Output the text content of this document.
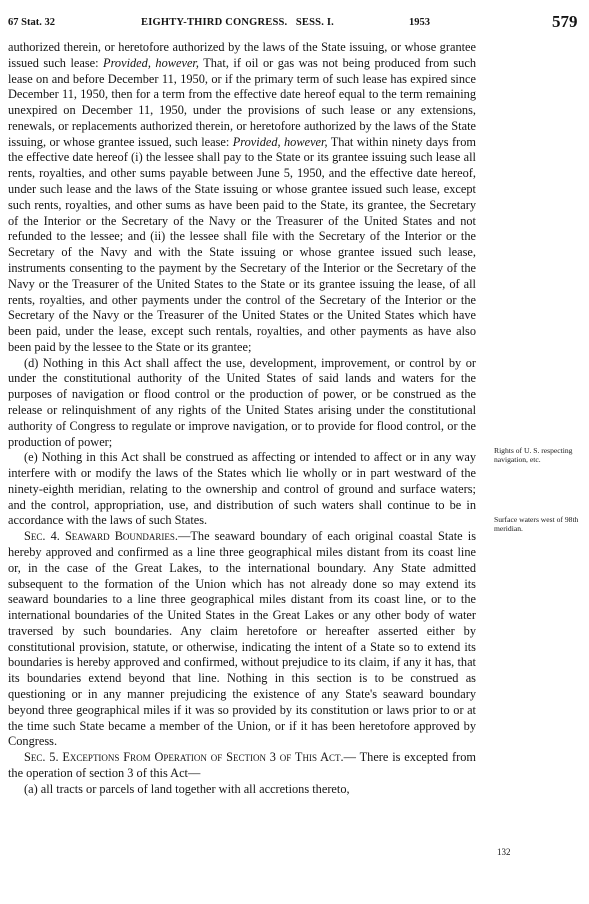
67 Stat. 32	EIGHTY-THIRD CONGRESS. SESS. I.	1953	579

authorized therein, or heretofore authorized by the laws of the State issuing, or whose grantee issued such lease: Provided, however, That, if oil or gas was not being produced from such lease on and before December 11, 1950, or if the primary term of such lease has expired since December 11, 1950, then for a term from the effective date hereof equal to the term remaining unexpired on December 11, 1950, under the provisions of such lease or any extensions, renewals, or replacements authorized therein, or heretofore authorized by the laws of the State issuing, or whose grantee issued, such lease: Provided, however, That within ninety days from the effective date hereof (i) the lessee shall pay to the State or its grantee issuing such lease all rents, royalties, and other sums payable between June 5, 1950, and the effective date hereof, under such lease and the laws of the State issuing or whose grantee issued such lease, except such rents, royalties, and other sums as have been paid to the State, its grantee, the Secretary of the Interior or the Secretary of the Navy or the Treasurer of the United States and not refunded to the lessee; and (ii) the lessee shall file with the Secretary of the Interior or the Secretary of the Navy and with the State issuing or whose grantee issued such lease, instruments consenting to the payment by the Secretary of the Interior or the Secretary of the Navy or the Treasurer of the United States to the State or its grantee issuing the lease, of all rents, royalties, and other payments under the control of the Secretary of the Interior or the Secretary of the Navy or the Treasurer of the United States or the United States which have been paid, under the lease, except such rentals, royalties, and other payments as have also been paid by the lessee to the State or its grantee;

(d) Nothing in this Act shall affect the use, development, improvement, or control by or under the constitutional authority of the United States of said lands and waters for the purposes of navigation or flood control or the production of power, or be construed as the release or relinquishment of any rights of the United States arising under the constitutional authority of Congress to regulate or improve navigation, or to provide for flood control, or the production of power;

(e) Nothing in this Act shall be construed as affecting or intended to affect or in any way interfere with or modify the laws of the States which lie wholly or in part westward of the ninety-eighth meridian, relating to the ownership and control of ground and surface waters; and the control, appropriation, use, and distribution of such waters shall continue to be in accordance with the laws of such States.

Sec. 4. Seaward Boundaries.—The seaward boundary of each original coastal State is hereby approved and confirmed as a line three geographical miles distant from its coast line or, in the case of the Great Lakes, to the international boundary. Any State admitted subsequent to the formation of the Union which has not already done so may extend its seaward boundaries to a line three geographical miles distant from its coast line, or to the international boundaries of the United States in the Great Lakes or any other body of water traversed by such boundaries. Any claim heretofore or hereafter asserted either by constitutional provision, statute, or otherwise, indicating the intent of a State so to extend its boundaries is hereby approved and confirmed, without prejudice to its claim, if any it has, that its boundaries extend beyond that line. Nothing in this section is to be construed as questioning or in any manner prejudicing the existence of any State's seaward boundary beyond three geographical miles if it was so provided by its constitution or laws prior to or at the time such State became a member of the Union, or if it has been heretofore approved by Congress.

Sec. 5. Exceptions From Operation of Section 3 of This Act.— There is excepted from the operation of section 3 of this Act—

(a) all tracts or parcels of land together with all accretions thereto,

Rights of U. S. respecting navigation, etc.
Surface waters west of 98th meridian.
132
